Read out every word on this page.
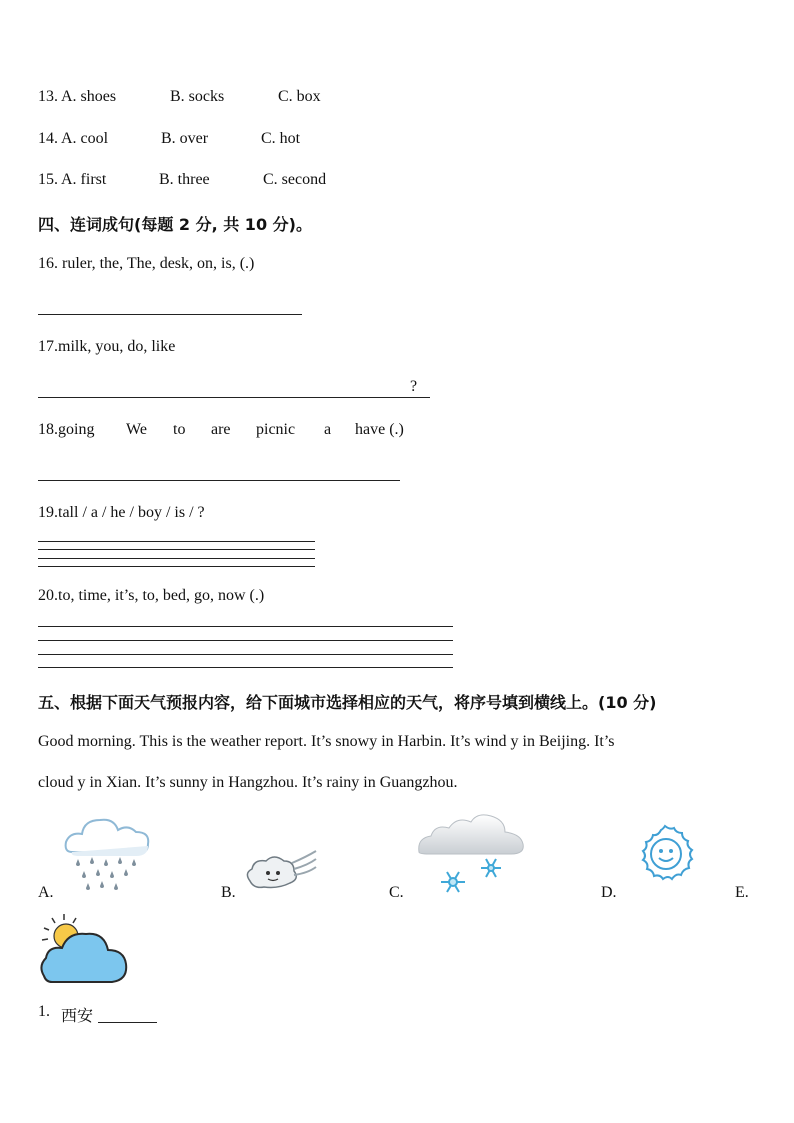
13. A. shoes	B. socks	C. box
14. A. cool	B. over	C. hot
15. A. first	B. three	C. second
四、连词成句(每题 2 分, 共 10 分)。
16. ruler, the, The, desk, on, is, (.)
17.milk, you, do, like
?
18.going We to are picnic a have (.)
19.tall / a / he / boy / is / ?
20.to, time, it’s, to, bed, go, now (.)
五、根据下面天气预报内容，给下面城市选择相应的天气，将序号填到横线上。(10 分)
Good morning. This is the weather report. It’s snowy in Harbin. It’s wind y in Beijing. It’s
cloud y in Xian. It’s sunny in Hangzhou. It’s rainy in Guangzhou.
A.	B.	C.	D.	E.
1. 西安
